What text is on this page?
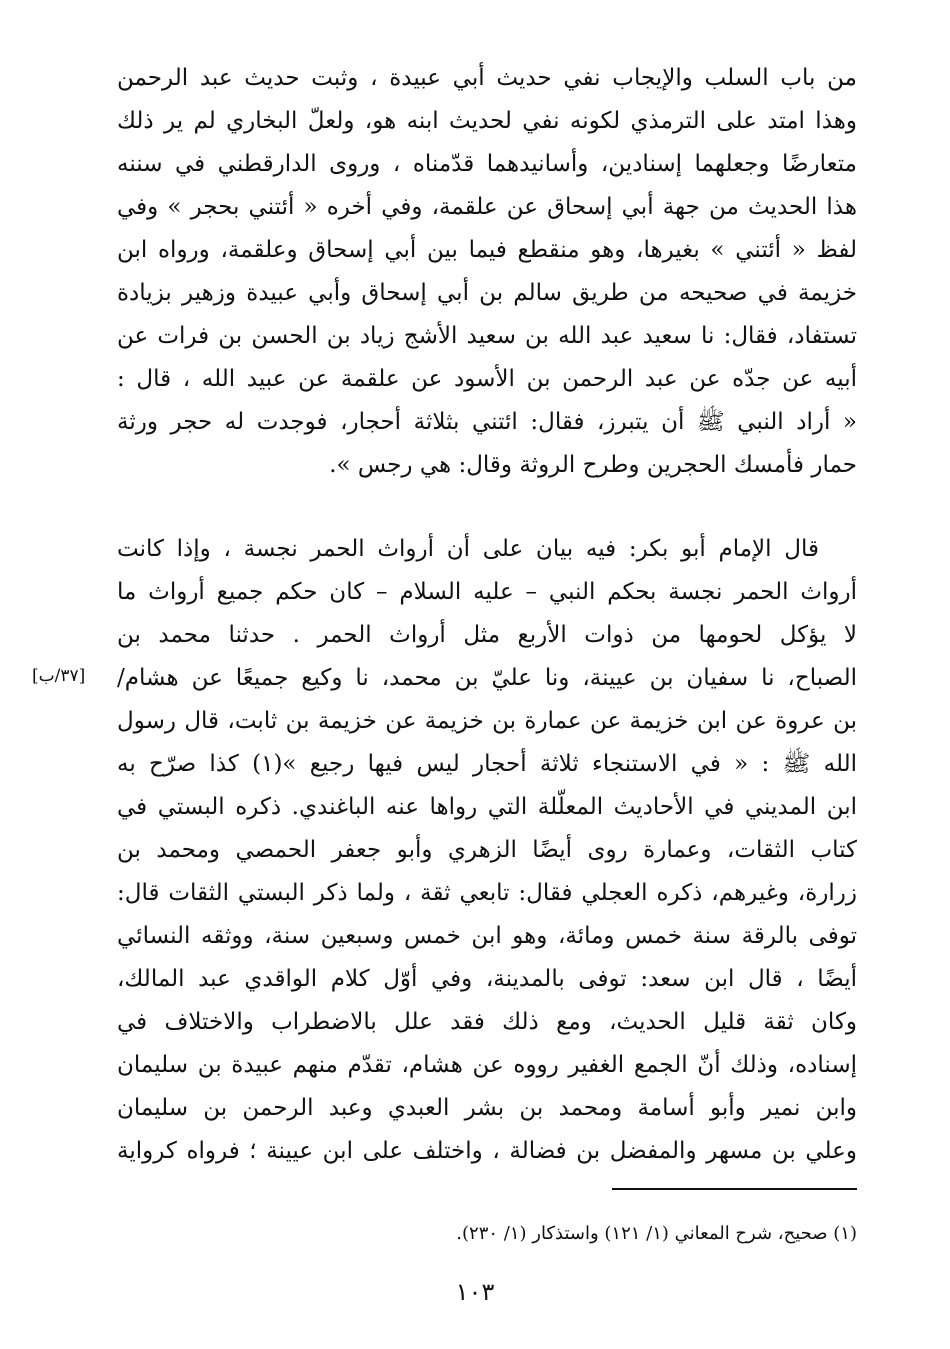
من باب السلب والإيجاب نفي حديث أبي عبيدة ، وثبت حديث عبد الرحمن
وهذا امتد على الترمذي لكونه نفي لحديث ابنه هو، ولعلّ البخاري لم ير ذلك
متعارضًا وجعلهما إسنادين، وأسانيدهما قدّمناه ، وروى الدارقطني في سننه
هذا الحديث من جهة أبي إسحاق عن علقمة، وفي أخره « أئتني بحجر » وفي
لفظ « أئتني » بغيرها، وهو منقطع فيما بين أبي إسحاق وعلقمة، ورواه ابن
خزيمة في صحيحه من طريق سالم بن أبي إسحاق وأبي عبيدة وزهير بزيادة
تستفاد، فقال: نا سعيد عبد الله بن سعيد الأشج زياد بن الحسن بن فرات عن
أبيه عن جدّه عن عبد الرحمن بن الأسود عن علقمة عن عبيد الله ، قال :
« أراد النبي ﷺ أن يتبرز، فقال: ائتني بثلاثة أحجار، فوجدت له حجر ورثة
حمار فأمسك الحجرين وطرح الروثة وقال: هي رجس ».
قال الإمام أبو بكر: فيه بيان على أن أرواث الحمر نجسة ، وإذا كانت
أرواث الحمر نجسة بحكم النبي – عليه السلام – كان حكم جميع أرواث ما
لا يؤكل لحومها من ذوات الأربع مثل أرواث الحمر . حدثنا محمد بن
الصباح، نا سفيان بن عيينة، ونا عليّ بن محمد، نا وكيع جميعًا عن هشام/
بن عروة عن ابن خزيمة عن عمارة بن خزيمة عن خزيمة بن ثابت، قال رسول
الله ﷺ : « في الاستنجاء ثلاثة أحجار ليس فيها رجيع »(١) كذا صرّح به
ابن المديني في الأحاديث المعلّلة التي رواها عنه الباغندي. ذكره البستي في
كتاب الثقات، وعمارة روى أيضًا الزهري وأبو جعفر الحمصي ومحمد بن
زرارة، وغيرهم، ذكره العجلي فقال: تابعي ثقة ، ولما ذكر البستي الثقات قال:
توفى بالرقة سنة خمس ومائة، وهو ابن خمس وسبعين سنة، ووثقه النسائي
أيضًا ، قال ابن سعد: توفى بالمدينة، وفي أوّل كلام الواقدي عبد المالك،
وكان ثقة قليل الحديث، ومع ذلك فقد علل بالاضطراب والاختلاف في
إسناده، وذلك أنّ الجمع الغفير رووه عن هشام، تقدّم منهم عبيدة بن سليمان
وابن نمير وأبو أسامة ومحمد بن بشر العبدي وعبد الرحمن بن سليمان
وعلي بن مسهر والمفضل بن فضالة ، واختلف على ابن عيينة ؛ فرواه كرواية
[٣٧/ب]
(١) صحيح، شرح المعاني (١/ ١٢١) واستذكار (١/ ٢٣٠).
١٠٣
